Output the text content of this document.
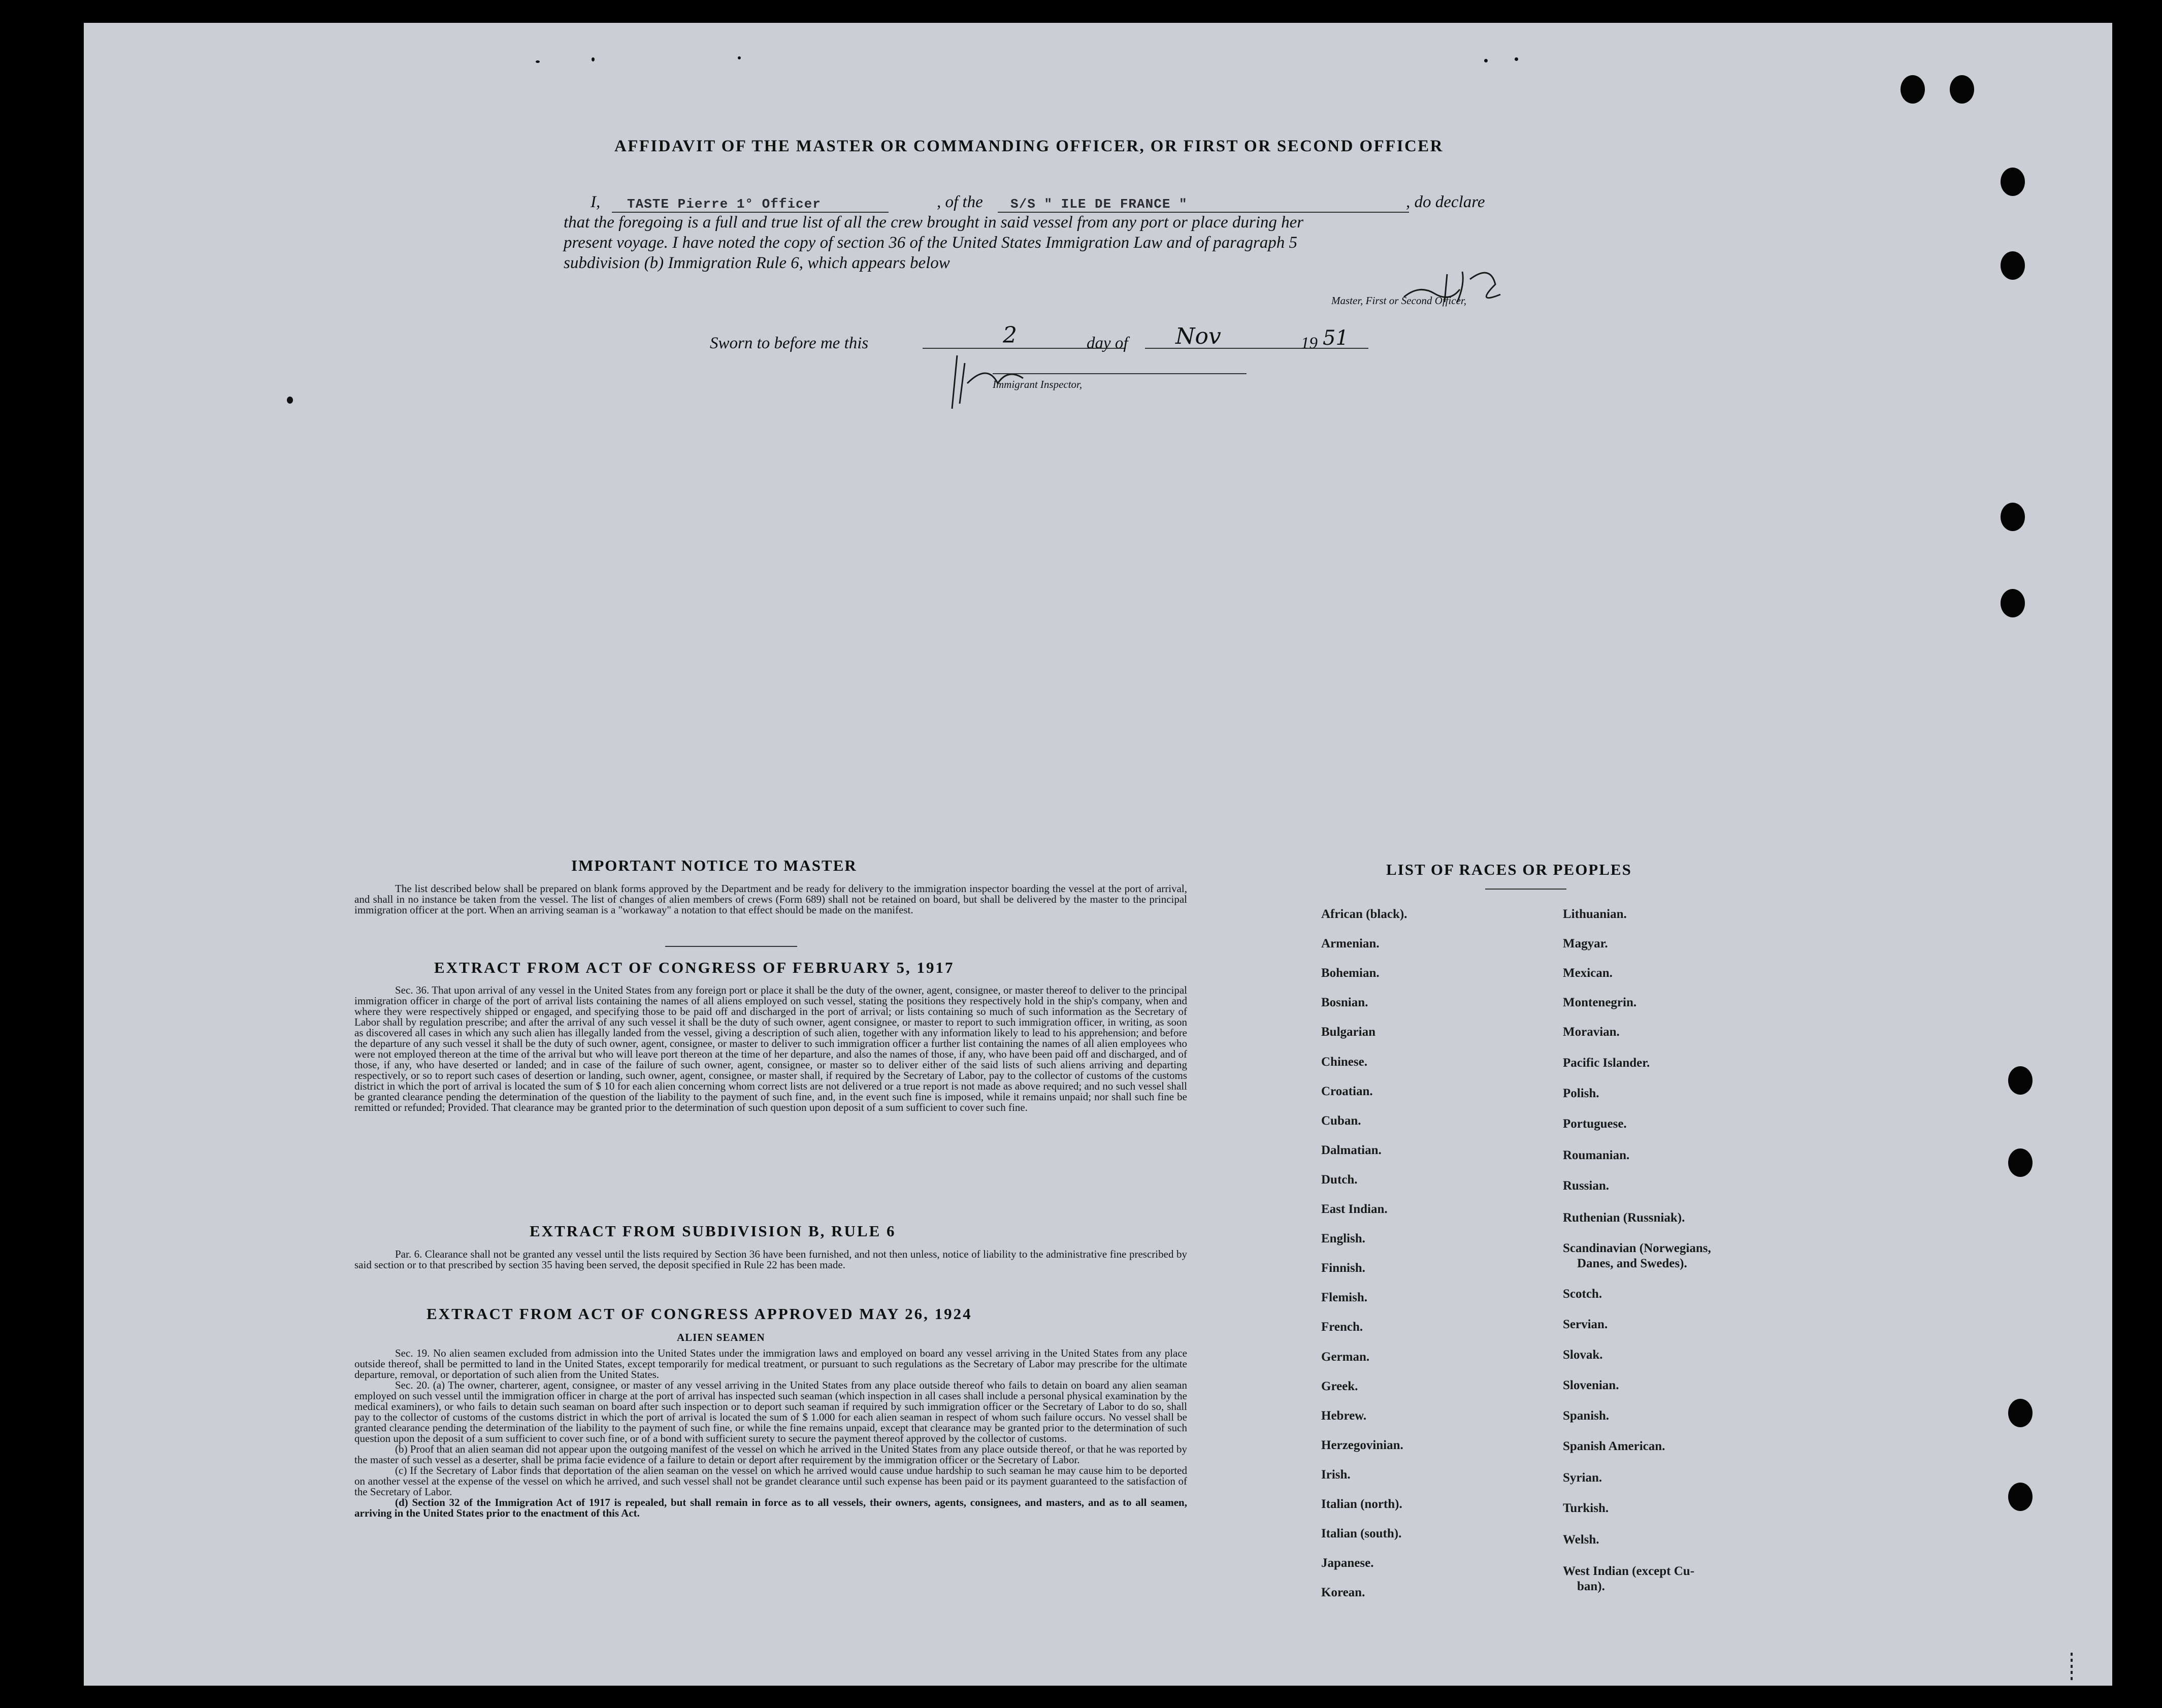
AFFIDAVIT OF THE MASTER OR COMMANDING OFFICER, OR FIRST OR SECOND OFFICER
I, TASTE Pierre 1° Officer	, of the S/S " ILE DE FRANCE "	, do declare
that the foregoing is a full and true list of all the crew brought in said vessel from any port or place during her
present voyage. I have noted the copy of section 36 of the United States Immigration Law and of paragraph 5
subdivision (b) Immigration Rule 6, which appears below
Master, First or Second Officer,
Sworn to before me this	2	day of Nov	19 51
Immigrant Inspector,
IMPORTANT NOTICE TO MASTER

The list described below shall be prepared on blank forms approved by the Department and be ready for delivery to the immigration inspector boarding the vessel at the port of arrival, and shall in no instance be taken from the vessel. The list of changes of alien members of crews (Form 689) shall not be retained on board, but shall be delivered by the master to the principal immigration officer at the port. When an arriving seaman is a "workaway" a notation to that effect should be made on the manifest.

EXTRACT FROM ACT OF CONGRESS OF FEBRUARY 5, 1917

Sec. 36. That upon arrival of any vessel in the United States from any foreign port or place it shall be the duty of the owner, agent, consignee, or master thereof to deliver to the principal immigration officer in charge of the port of arrival lists containing the names of all aliens employed on such vessel, stating the positions they respectively hold in the ship's company, when and where they were respectively shipped or engaged, and specifying those to be paid off and discharged in the port of arrival; or lists containing so much of such information as the Secretary of Labor shall by regulation prescribe; and after the arrival of any such vessel it shall be the duty of such owner, agent consignee, or master to report to such immigration officer, in writing, as soon as discovered all cases in which any such alien has illegally landed from the vessel, giving a description of such alien, together with any information likely to lead to his apprehension; and before the departure of any such vessel it shall be the duty of such owner, agent, consignee, or master to deliver to such immigration officer a further list containing the names of all alien employees who were not employed thereon at the time of the arrival but who will leave port thereon at the time of her departure, and also the names of those, if any, who have been paid off and discharged, and of those, if any, who have deserted or landed; and in case of the failure of such owner, agent, consignee, or master so to deliver either of the said lists of such aliens arriving and departing respectively, or so to report such cases of desertion or landing, such owner, agent, consignee, or master shall, if required by the Secretary of Labor, pay to the collector of customs of the customs district in which the port of arrival is located the sum of $ 10 for each alien concerning whom correct lists are not delivered or a true report is not made as above required; and no such vessel shall be granted clearance pending the determination of the question of the liability to the payment of such fine, and, in the event such fine is imposed, while it remains unpaid; nor shall such fine be remitted or refunded; Provided. That clearance may be granted prior to the determination of such question upon deposit of a sum sufficient to cover such fine.

EXTRACT FROM SUBDIVISION B, RULE 6

Par. 6. Clearance shall not be granted any vessel until the lists required by Section 36 have been furnished, and not then unless, notice of liability to the administrative fine prescribed by said section or to that prescribed by section 35 having been served, the deposit specified in Rule 22 has been made.

EXTRACT FROM ACT OF CONGRESS APPROVED MAY 26, 1924
ALIEN SEAMEN

Sec. 19. No alien seamen excluded from admission into the United States under the immigration laws and employed on board any vessel arriving in the United States from any place outside thereof, shall be permitted to land in the United States, except temporarily for medical treatment, or pursuant to such regulations as the Secretary of Labor may prescribe for the ultimate departure, removal, or deportation of such alien from the United States.

Sec. 20. (a) The owner, charterer, agent, consignee, or master of any vessel arriving in the United States from any place outside thereof who fails to detain on board any alien seaman employed on such vessel until the immigration officer in charge at the port of arrival has inspected such seaman (which inspection in all cases shall include a personal physical examination by the medical examiners), or who fails to detain such seaman on board after such inspection or to deport such seaman if required by such immigration officer or the Secretary of Labor to do so, shall pay to the collector of customs of the customs district in which the port of arrival is located the sum of $ 1.000 for each alien seaman in respect of whom such failure occurs. No vessel shall be granted clearance pending the determination of the liability to the payment of such fine, or while the fine remains unpaid, except that clearance may be granted prior to the determination of such question upon the deposit of a sum sufficient to cover such fine, or of a bond with sufficient surety to secure the payment thereof approved by the collector of customs.

(b) Proof that an alien seaman did not appear upon the outgoing manifest of the vessel on which he arrived in the United States from any place outside thereof, or that he was reported by the master of such vessel as a deserter, shall be prima facie evidence of a failure to detain or deport after requirement by the immigration officer or the Secretary of Labor.

(c) If the Secretary of Labor finds that deportation of the alien seaman on the vessel on which he arrived would cause undue hardship to such seaman he may cause him to be deported on another vessel at the expense of the vessel on which he arrived, and such vessel shall not be grandet clearance until such expense has been paid or its payment guaranteed to the satisfaction of the Secretary of Labor.

(d) Section 32 of the Immigration Act of 1917 is repealed, but shall remain in force as to all vessels, their owners, agents, consignees, and masters, and as to all seamen, arriving in the United States prior to the enactment of this Act.

LIST OF RACES OR PEOPLES
African (black).
Armenian.
Bohemian.
Bosnian.
Bulgarian
Chinese.
Croatian.
Cuban.
Dalmatian.
Dutch.
East Indian.
English.
Finnish.
Flemish.
French.
German.
Greek.
Hebrew.
Herzegovinian.
Irish.
Italian (north).
Italian (south).
Japanese.
Korean.
Lithuanian.
Magyar.
Mexican.
Montenegrin.
Moravian.
Pacific Islander.
Polish.
Portuguese.
Roumanian.
Russian.
Ruthenian (Russniak).
Scandinavian (Norwegians,
Danes, and Swedes).
Scotch.
Servian.
Slovak.
Slovenian.
Spanish.
Spanish American.
Syrian.
Turkish.
Welsh.
West Indian (except Cu-
ban).
